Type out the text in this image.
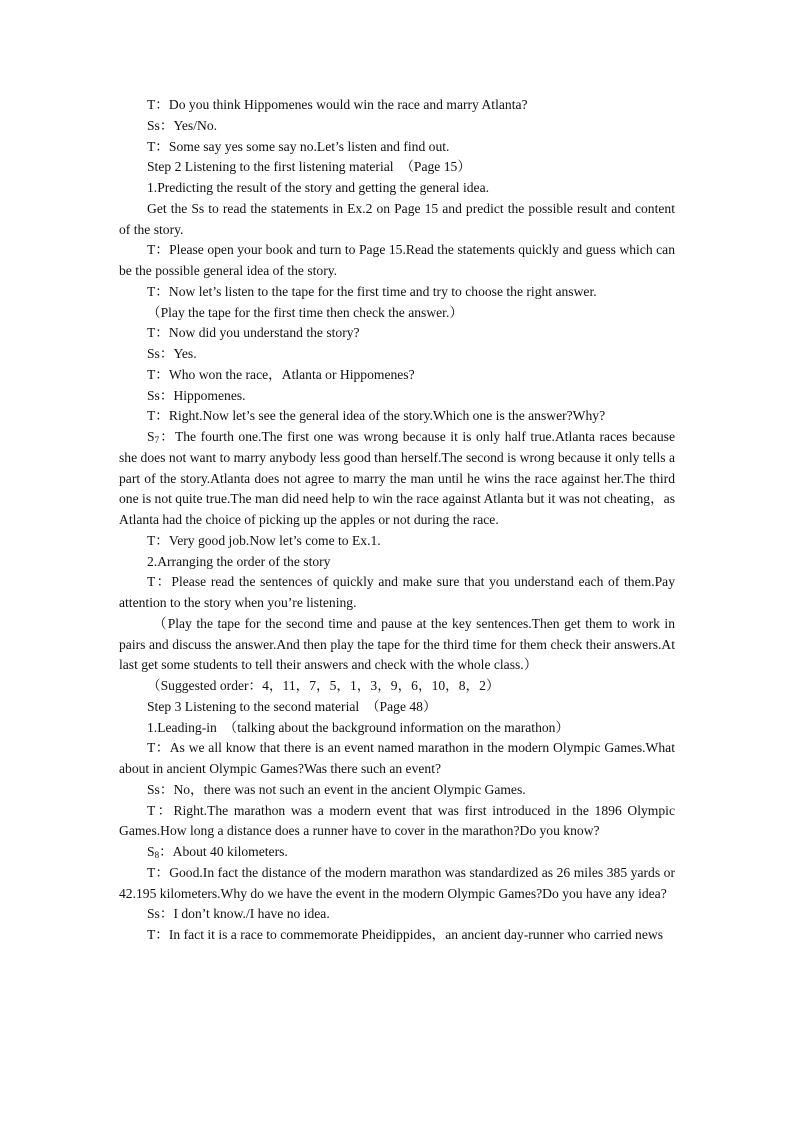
T：Do you think Hippomenes would win the race and marry Atlanta?

Ss：Yes/No.

T：Some say yes some say no.Let’s listen and find out.

Step 2 Listening to the first listening material　（Page 15）

1.Predicting the result of the story and getting the general idea.

Get the Ss to read the statements in Ex.2 on Page 15 and predict the possible result and content of the story.

T：Please open your book and turn to Page 15.Read the statements quickly and guess which can be the possible general idea of the story.

T：Now let’s listen to the tape for the first time and try to choose the right answer.

（Play the tape for the first time then check the answer.）

T：Now did you understand the story?

Ss：Yes.

T：Who won the race，Atlanta or Hippomenes?

Ss：Hippomenes.

T：Right.Now let’s see the general idea of the story.Which one is the answer?Why?

$S_7$：The fourth one.The first one was wrong because it is only half true.Atlanta races because she does not want to marry anybody less good than herself.The second is wrong because it only tells a part of the story.Atlanta does not agree to marry the man until he wins the race against her.The third one is not quite true.The man did need help to win the race against Atlanta but it was not cheating，as Atlanta had the choice of picking up the apples or not during the race.

T：Very good job.Now let’s come to Ex.1.

2.Arranging the order of the story

T：Please read the sentences of quickly and make sure that you understand each of them.Pay attention to the story when you’re listening.

（Play the tape for the second time and pause at the key sentences.Then get them to work in pairs and discuss the answer.And then play the tape for the third time for them check their answers.At last get some students to tell their answers and check with the whole class.）

（Suggested order：4，11，7，5，1，3，9，6，10，8，2）

Step 3 Listening to the second material　（Page 48）

1.Leading-in　（talking about the background information on the marathon）

T：As we all know that there is an event named marathon in the modern Olympic Games.What about in ancient Olympic Games?Was there such an event?

Ss：No，there was not such an event in the ancient Olympic Games.

T：Right.The marathon was a modern event that was first introduced in the 1896 Olympic Games.How long a distance does a runner have to cover in the marathon?Do you know?

$S_8$：About 40 kilometers.

T：Good.In fact the distance of the modern marathon was standardized as 26 miles 385 yards or 42.195 kilometers.Why do we have the event in the modern Olympic Games?Do you have any idea?

Ss：I don’t know./I have no idea.

T：In fact it is a race to commemorate Pheidippides，an ancient day-runner who carried news
